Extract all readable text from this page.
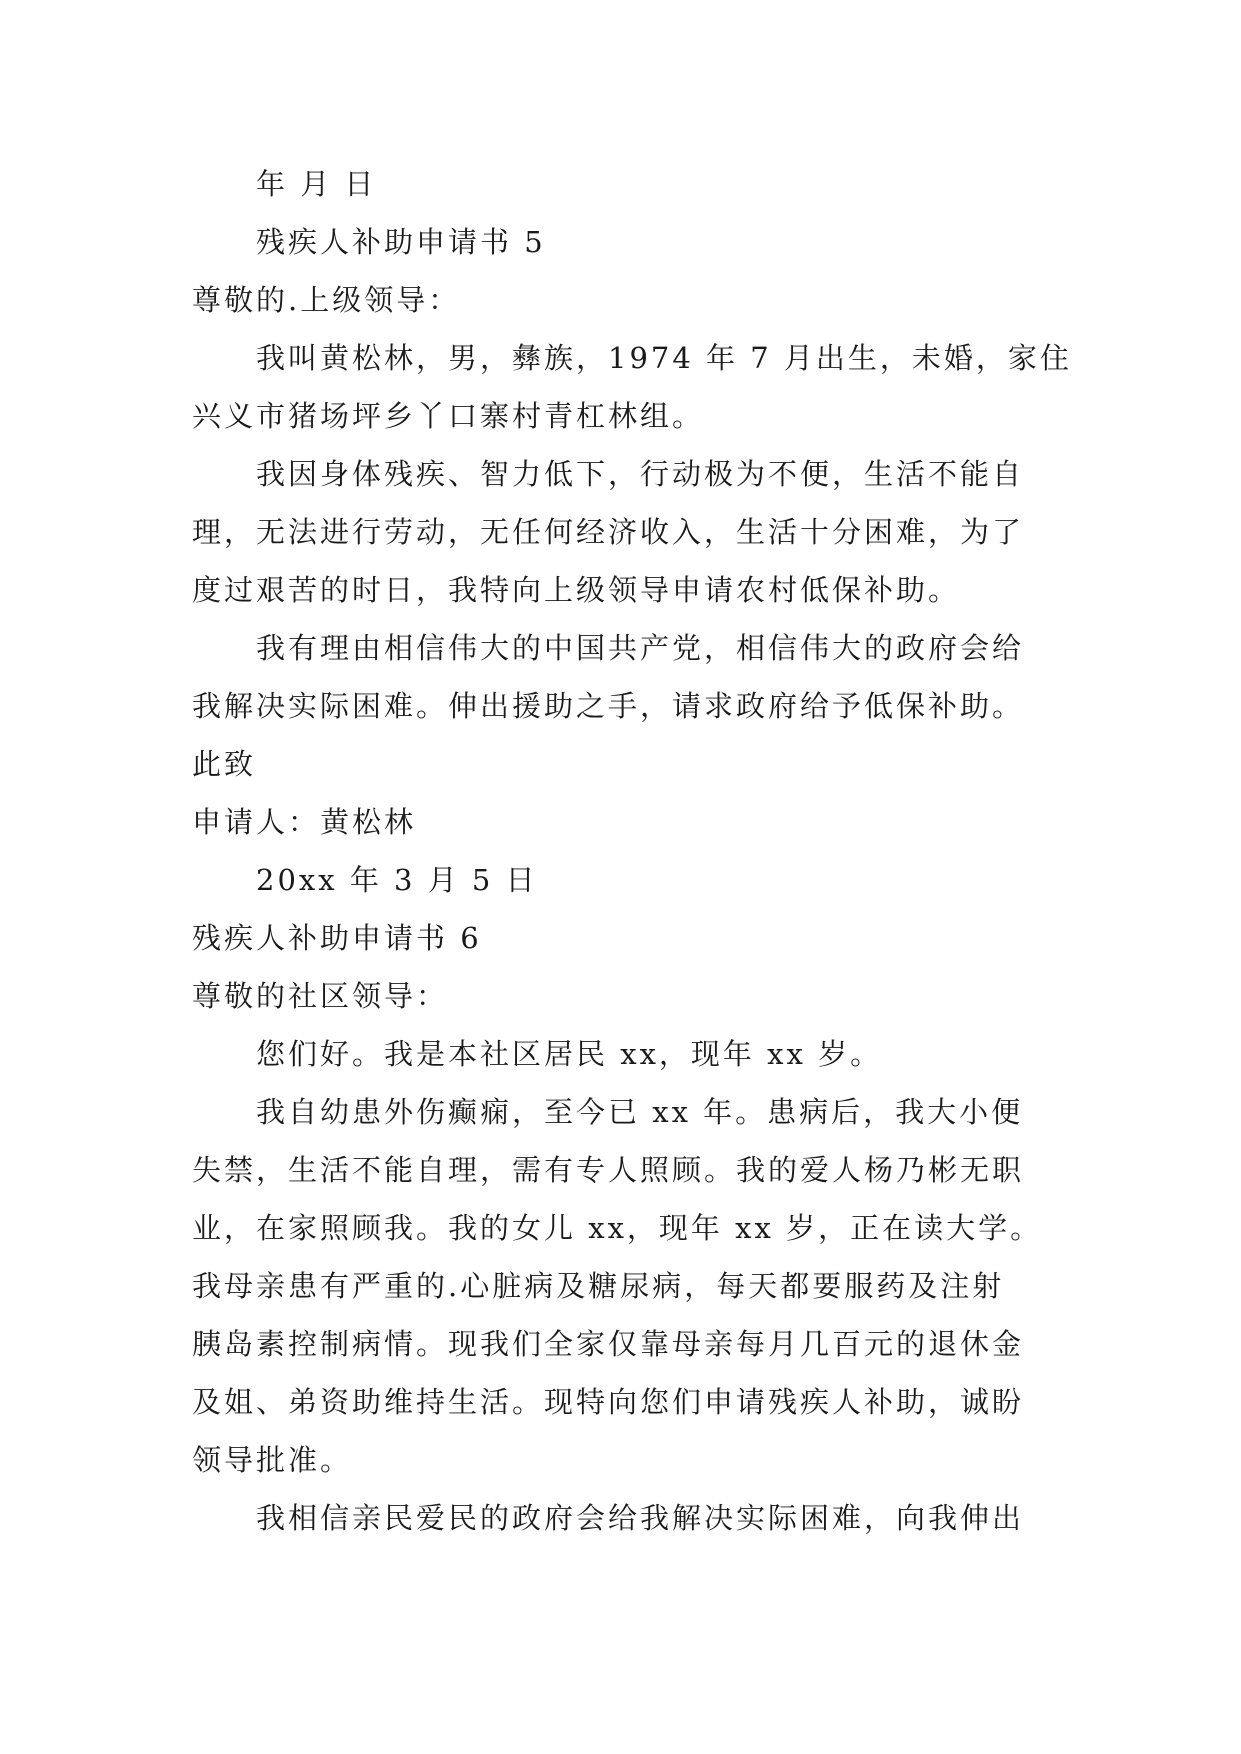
年 月 日
残疾人补助申请书 5
尊敬的.上级领导：
我叫黄松林，男，彝族，1974 年 7 月出生，未婚，家住
兴义市猪场坪乡丫口寨村青杠林组。
我因身体残疾、智力低下，行动极为不便，生活不能自
理，无法进行劳动，无任何经济收入，生活十分困难，为了
度过艰苦的时日，我特向上级领导申请农村低保补助。
我有理由相信伟大的中国共产党，相信伟大的政府会给
我解决实际困难。伸出援助之手，请求政府给予低保补助。
此致
申请人：黄松林
20xx 年 3 月 5 日
残疾人补助申请书 6
尊敬的社区领导：
您们好。我是本社区居民 xx，现年 xx 岁。
我自幼患外伤癫痫，至今已 xx 年。患病后，我大小便
失禁，生活不能自理，需有专人照顾。我的爱人杨乃彬无职
业，在家照顾我。我的女儿 xx，现年 xx 岁，正在读大学。
我母亲患有严重的.心脏病及糖尿病，每天都要服药及注射
胰岛素控制病情。现我们全家仅靠母亲每月几百元的退休金
及姐、弟资助维持生活。现特向您们申请残疾人补助，诚盼
领导批准。
我相信亲民爱民的政府会给我解决实际困难，向我伸出
